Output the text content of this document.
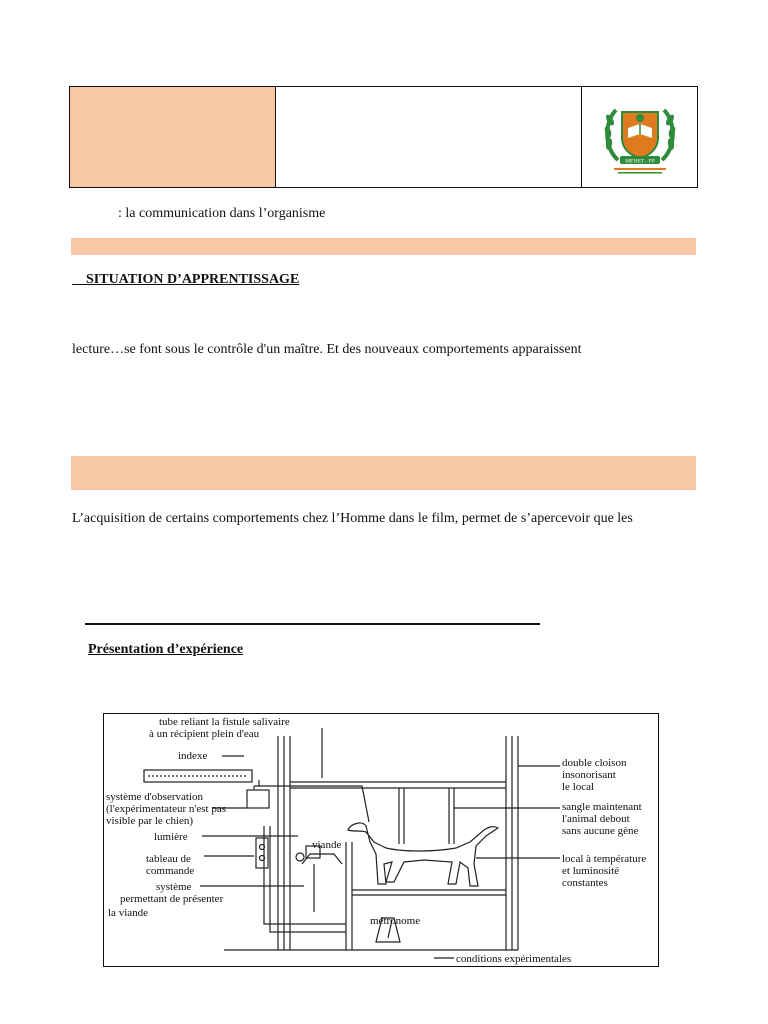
MENET - FP
: la communication dans l’organisme
SITUATION D’APPRENTISSAGE
lecture…se font sous le contrôle d'un maître. Et des nouveaux comportements apparaissent
L’acquisition de certains comportements chez l’Homme dans le film, permet de s’apercevoir que les
Présentation d’expérience
tube reliant la fistule salivaire
à un récipient plein d'eau
indexe
système d'observation
(l'expérimentateur n'est pas
visible par le chien)
lumière
viande
tableau de
commande
système
permettant de présenter
la viande
métronome
conditions expérimentales
double cloison
insonorisant
le local
sangle maintenant
l'animal debout
sans aucune gène
local à température
et luminosité
constantes
